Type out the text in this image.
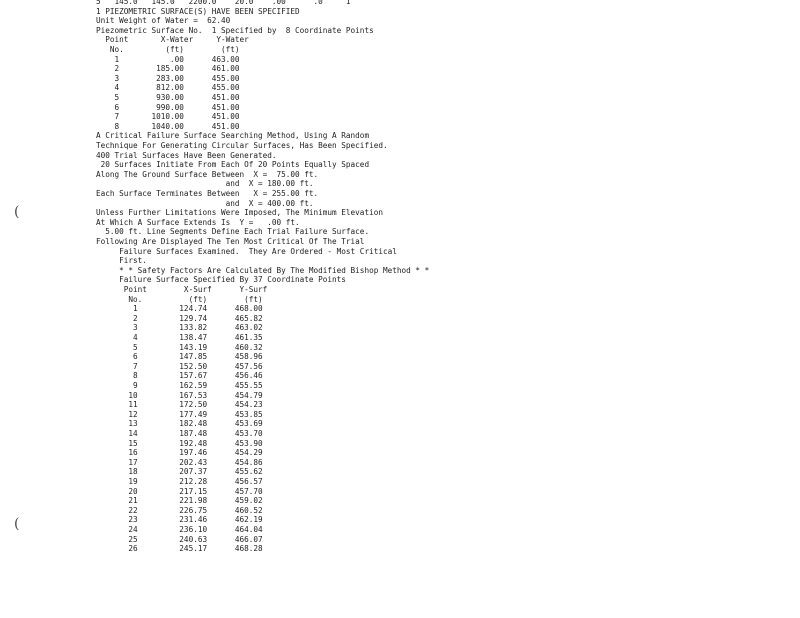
(
(
5   145.0   145.0   2200.0    20.0    .00      .0     1
1 PIEZOMETRIC SURFACE(S) HAVE BEEN SPECIFIED
Unit Weight of Water =  62.40
Piezometric Surface No.  1 Specified by  8 Coordinate Points
Point       X-Water     Y-Water
No.         (ft)        (ft)
1           .00      463.00
2        185.00      461.00
3        283.00      455.00
4        812.00      455.00
5        930.00      451.00
6        990.00      451.00
7       1010.00      451.00
8       1040.00      451.00
A Critical Failure Surface Searching Method, Using A Random
Technique For Generating Circular Surfaces, Has Been Specified.
400 Trial Surfaces Have Been Generated.
20 Surfaces Initiate From Each Of 20 Points Equally Spaced
Along The Ground Surface Between  X =  75.00 ft.
and  X = 180.00 ft.
Each Surface Terminates Between   X = 255.00 ft.
and  X = 400.00 ft.
Unless Further Limitations Were Imposed, The Minimum Elevation
At Which A Surface Extends Is  Y =   .00 ft.
5.00 ft. Line Segments Define Each Trial Failure Surface.
Following Are Displayed The Ten Most Critical Of The Trial
Failure Surfaces Examined.  They Are Ordered - Most Critical
First.
* * Safety Factors Are Calculated By The Modified Bishop Method * *
Failure Surface Specified By 37 Coordinate Points
Point        X-Surf      Y-Surf
No.          (ft)        (ft)
1         124.74      468.00
2         129.74      465.82
3         133.82      463.02
4         138.47      461.35
5         143.19      460.32
6         147.85      458.96
7         152.50      457.56
8         157.67      456.46
9         162.59      455.55
10         167.53      454.79
11         172.50      454.23
12         177.49      453.85
13         182.48      453.69
14         187.48      453.70
15         192.48      453.90
16         197.46      454.29
17         202.43      454.86
18         207.37      455.62
19         212.28      456.57
20         217.15      457.70
21         221.98      459.02
22         226.75      460.52
23         231.46      462.19
24         236.10      464.04
25         240.63      466.07
26         245.17      468.28
